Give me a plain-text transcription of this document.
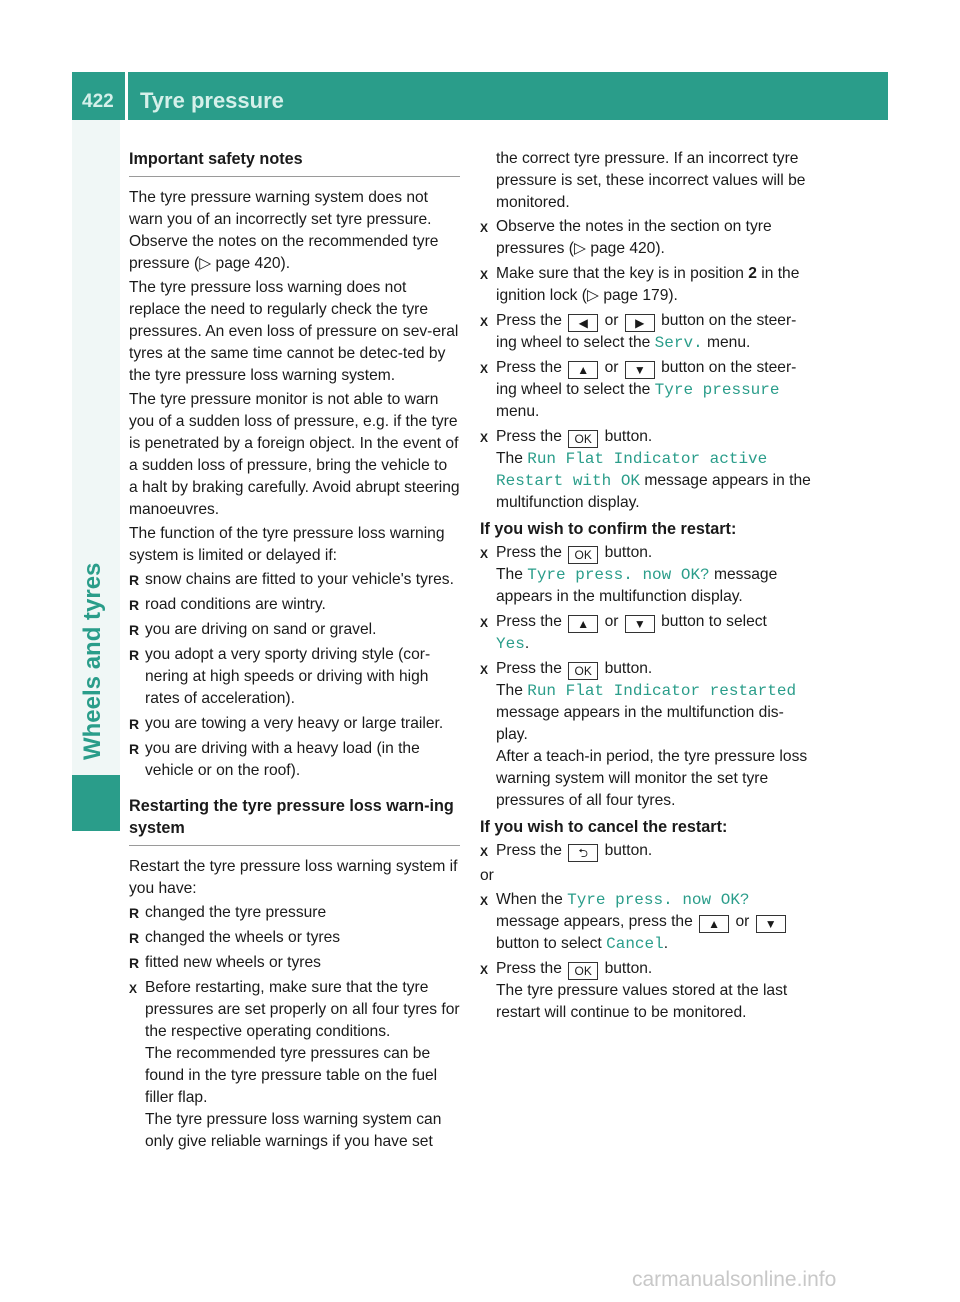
422 Tyre pressure
Wheels and tyres

Important safety notes

The tyre pressure warning system does not warn you of an incorrectly set tyre pressure. Observe the notes on the recommended tyre pressure (▷ page 420).

The tyre pressure loss warning does not replace the need to regularly check the tyre pressures. An even loss of pressure on sev-eral tyres at the same time cannot be detec-ted by the tyre pressure loss warning system.

The tyre pressure monitor is not able to warn you of a sudden loss of pressure, e.g. if the tyre is penetrated by a foreign object. In the event of a sudden loss of pressure, bring the vehicle to a halt by braking carefully. Avoid abrupt steering manoeuvres.

The function of the tyre pressure loss warning system is limited or delayed if:

R snow chains are fitted to your vehicle's tyres.
R road conditions are wintry.
R you are driving on sand or gravel.
R you adopt a very sporty driving style (cor-nering at high speeds or driving with high rates of acceleration).
R you are towing a very heavy or large trailer.
R you are driving with a heavy load (in the vehicle or on the roof).

Restarting the tyre pressure loss warn-ing system

Restart the tyre pressure loss warning system if you have:

R changed the tyre pressure
R changed the wheels or tyres
R fitted new wheels or tyres
X Before restarting, make sure that the tyre pressures are set properly on all four tyres for the respective operating conditions.

The recommended tyre pressures can be found in the tyre pressure table on the fuel filler flap.

The tyre pressure loss warning system can only give reliable warnings if you have set

the correct tyre pressure. If an incorrect tyre pressure is set, these incorrect values will be monitored.

X Observe the notes in the section on tyre pressures (▷ page 420).
X Make sure that the key is in position 2 in the ignition lock (▷ page 179).
X Press the ◀ or ▶ button on the steer-ing wheel to select the Serv. menu.
X Press the ▲ or ▼ button on the steer-ing wheel to select the Tyre pressure
menu.
X Press the OK button.
The Run Flat Indicator active
Restart with OK message appears in the multifunction display.

If you wish to confirm the restart:

X Press the OK button.
The Tyre press. now OK? message appears in the multifunction display.
X Press the ▲ or ▼ button to select
Yes.
X Press the OK button.
The Run Flat Indicator restarted
message appears in the multifunction dis-play.

After a teach-in period, the tyre pressure loss warning system will monitor the set tyre pressures of all four tyres.

If you wish to cancel the restart:

X Press the ⮌ button.

or

X When the Tyre press. now OK? message appears, press the ▲ or ▼ button to select Cancel.
X Press the OK button.

The tyre pressure values stored at the last restart will continue to be monitored.

carmanualsonline.info
